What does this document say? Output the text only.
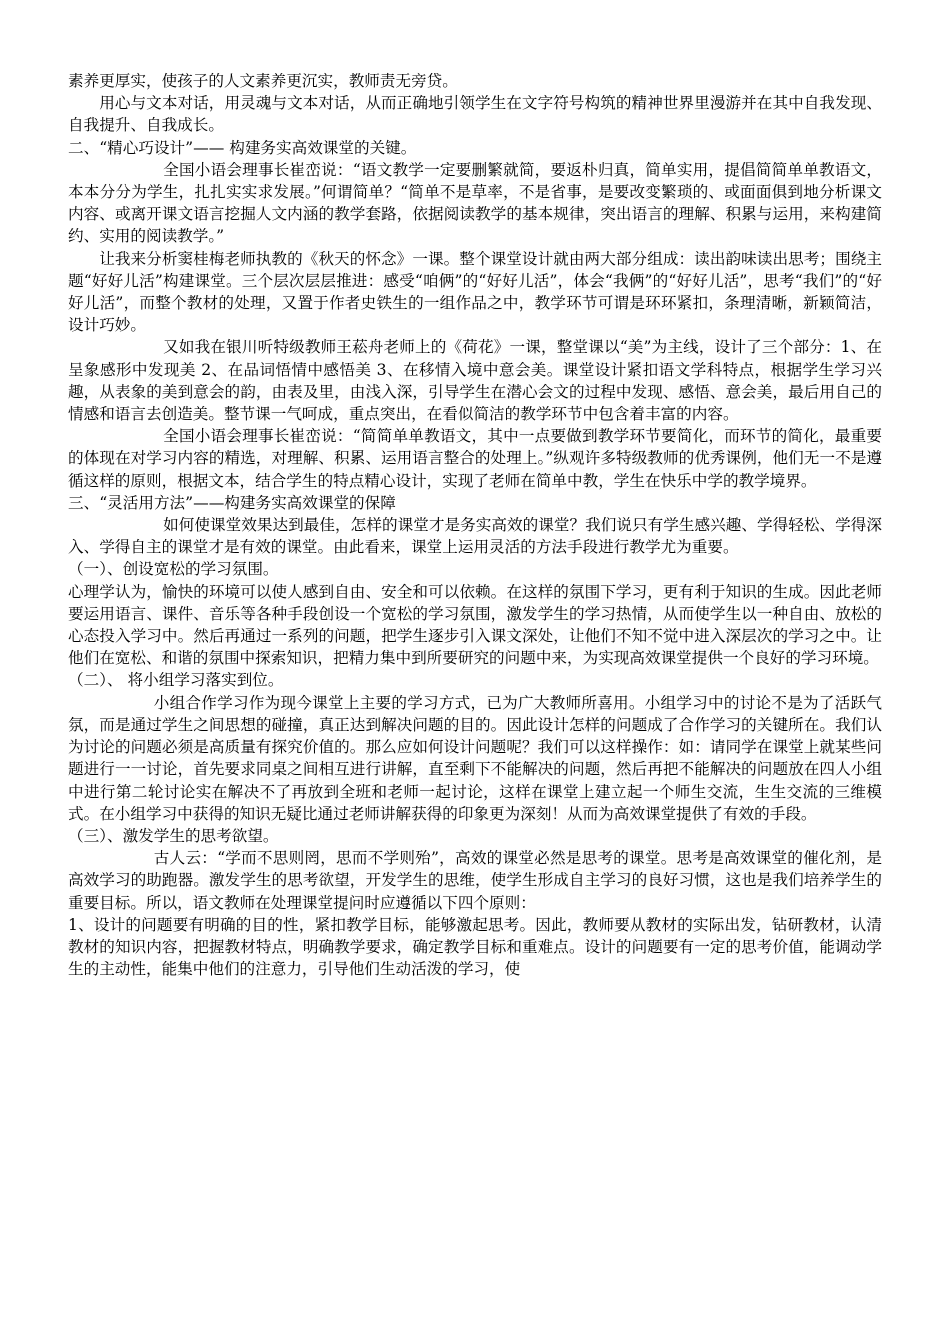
素养更厚实，使孩子的人文素养更沉实，教师责无旁贷。

用心与文本对话，用灵魂与文本对话，从而正确地引领学生在文字符号构筑的精神世界里漫游并在其中自我发现、自我提升、自我成长。

二、“精心巧设计”—— 构建务实高效课堂的关键。

全国小语会理事长崔峦说：“语文教学一定要删繁就简，要返朴归真，简单实用，提倡简简单单教语文，本本分分为学生，扎扎实实求发展。”何谓简单？“简单不是草率，不是省事，是要改变繁琐的、或面面俱到地分析课文内容、或离开课文语言挖掘人文内涵的教学套路，依据阅读教学的基本规律，突出语言的理解、积累与运用，来构建简约、实用的阅读教学。”

让我来分析窦桂梅老师执教的《秋天的怀念》一课。整个课堂设计就由两大部分组成：读出韵味读出思考；围绕主题“好好儿活”构建课堂。三个层次层层推进：感受“咱俩”的“好好儿活”，体会“我俩”的“好好儿活”，思考“我们”的“好好儿活”，而整个教材的处理，又置于作者史铁生的一组作品之中，教学环节可谓是环环紧扣，条理清晰，新颖简洁，设计巧妙。

又如我在银川听特级教师王菘舟老师上的《荷花》一课，整堂课以“美”为主线，设计了三个部分：1、在呈象感形中发现美 2、在品词悟情中感悟美 3、在移情入境中意会美。课堂设计紧扣语文学科特点，根据学生学习兴趣，从表象的美到意会的韵，由表及里，由浅入深，引导学生在潜心会文的过程中发现、感悟、意会美，最后用自己的情感和语言去创造美。整节课一气呵成，重点突出，在看似简洁的教学环节中包含着丰富的内容。

全国小语会理事长崔峦说：“简简单单教语文，其中一点要做到教学环节要简化，而环节的简化，最重要的体现在对学习内容的精选，对理解、积累、运用语言整合的处理上。”纵观许多特级教师的优秀课例，他们无一不是遵循这样的原则，根据文本，结合学生的特点精心设计，实现了老师在简单中教，学生在快乐中学的教学境界。

三、“灵活用方法”——构建务实高效课堂的保障

如何使课堂效果达到最佳，怎样的课堂才是务实高效的课堂？我们说只有学生感兴趣、学得轻松、学得深入、学得自主的课堂才是有效的课堂。由此看来，课堂上运用灵活的方法手段进行教学尤为重要。

（一）、创设宽松的学习氛围。

心理学认为，愉快的环境可以使人感到自由、安全和可以依赖。在这样的氛围下学习，更有利于知识的生成。因此老师要运用语言、课件、音乐等各种手段创设一个宽松的学习氛围，激发学生的学习热情，从而使学生以一种自由、放松的心态投入学习中。然后再通过一系列的问题，把学生逐步引入课文深处，让他们不知不觉中进入深层次的学习之中。让他们在宽松、和谐的氛围中探索知识，把精力集中到所要研究的问题中来，为实现高效课堂提供一个良好的学习环境。

（二）、 将小组学习落实到位。

小组合作学习作为现今课堂上主要的学习方式，已为广大教师所喜用。小组学习中的讨论不是为了活跃气氛，而是通过学生之间思想的碰撞，真正达到解决问题的目的。因此设计怎样的问题成了合作学习的关键所在。我们认为讨论的问题必须是高质量有探究价值的。那么应如何设计问题呢？我们可以这样操作：如：请同学在课堂上就某些问题进行一一讨论，首先要求同桌之间相互进行讲解，直至剩下不能解决的问题，然后再把不能解决的问题放在四人小组中进行第二轮讨论实在解决不了再放到全班和老师一起讨论，这样在课堂上建立起一个师生交流，生生交流的三维模式。在小组学习中获得的知识无疑比通过老师讲解获得的印象更为深刻！从而为高效课堂提供了有效的手段。

（三）、激发学生的思考欲望。

古人云：“学而不思则罔，思而不学则殆”，高效的课堂必然是思考的课堂。思考是高效课堂的催化剂，是高效学习的助跑器。激发学生的思考欲望，开发学生的思维，使学生形成自主学习的良好习惯，这也是我们培养学生的重要目标。所以，语文教师在处理课堂提问时应遵循以下四个原则：

1、设计的问题要有明确的目的性，紧扣教学目标，能够激起思考。因此，教师要从教材的实际出发，钻研教材，认清教材的知识内容，把握教材特点，明确教学要求，确定教学目标和重难点。设计的问题要有一定的思考价值，能调动学生的主动性，能集中他们的注意力，引导他们生动活泼的学习，使
